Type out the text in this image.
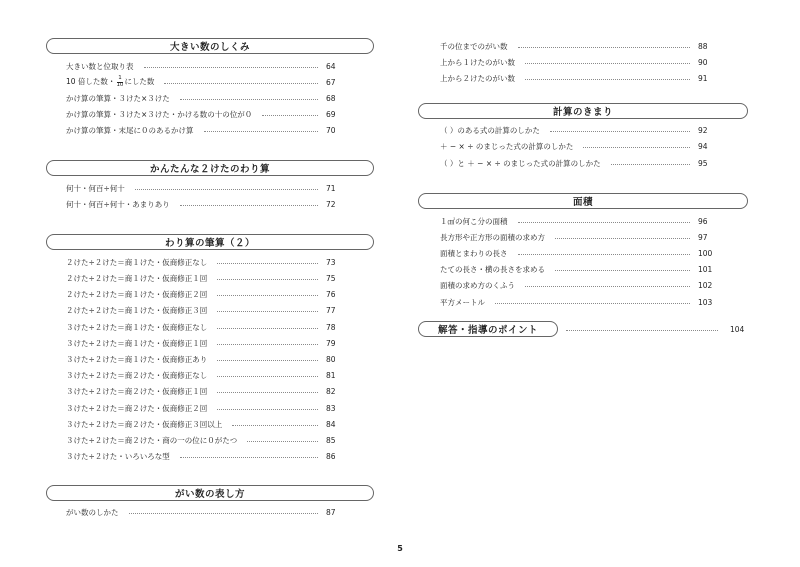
大きい数のしくみ
大きい数と位取り表	64
10 倍した数・ $\frac{1}{10}$ にした数	67
かけ算の筆算・３けた×３けた	68
かけ算の筆算・３けた×３けた・かける数の十の位が０	69
かけ算の筆算・末尾に０のあるかけ算	70
かんたんな２けたのわり算
何十・何百÷何十	71
何十・何百÷何十・あまりあり	72
わり算の筆算（２）
２けた÷２けた＝商１けた・仮商修正なし	73
２けた÷２けた＝商１けた・仮商修正１回	75
２けた÷２けた＝商１けた・仮商修正２回	76
２けた÷２けた＝商１けた・仮商修正３回	77
３けた÷２けた＝商１けた・仮商修正なし	78
３けた÷２けた＝商１けた・仮商修正１回	79
３けた÷２けた＝商１けた・仮商修正あり	80
３けた÷２けた＝商２けた・仮商修正なし	81
３けた÷２けた＝商２けた・仮商修正１回	82
３けた÷２けた＝商２けた・仮商修正２回	83
３けた÷２けた＝商２けた・仮商修正３回以上	84
３けた÷２けた＝商２けた・商の一の位に０がたつ	85
３けた÷２けた・いろいろな型	86
がい数の表し方
がい数のしかた	87
千の位までのがい数	88
上から１けたのがい数	90
上から２けたのがい数	91
計算のきまり
（ ）のある式の計算のしかた	92
＋ − × ÷ のまじった式の計算のしかた	94
（ ）と ＋ − × ÷ のまじった式の計算のしかた	95
面積
１㎠の何こ分の面積	96
長方形や正方形の面積の求め方	97
面積とまわりの長さ	100
たての長さ・横の長さを求める	101
面積の求め方のくふう	102
平方メートル	103
解答・指導のポイント	104
5
